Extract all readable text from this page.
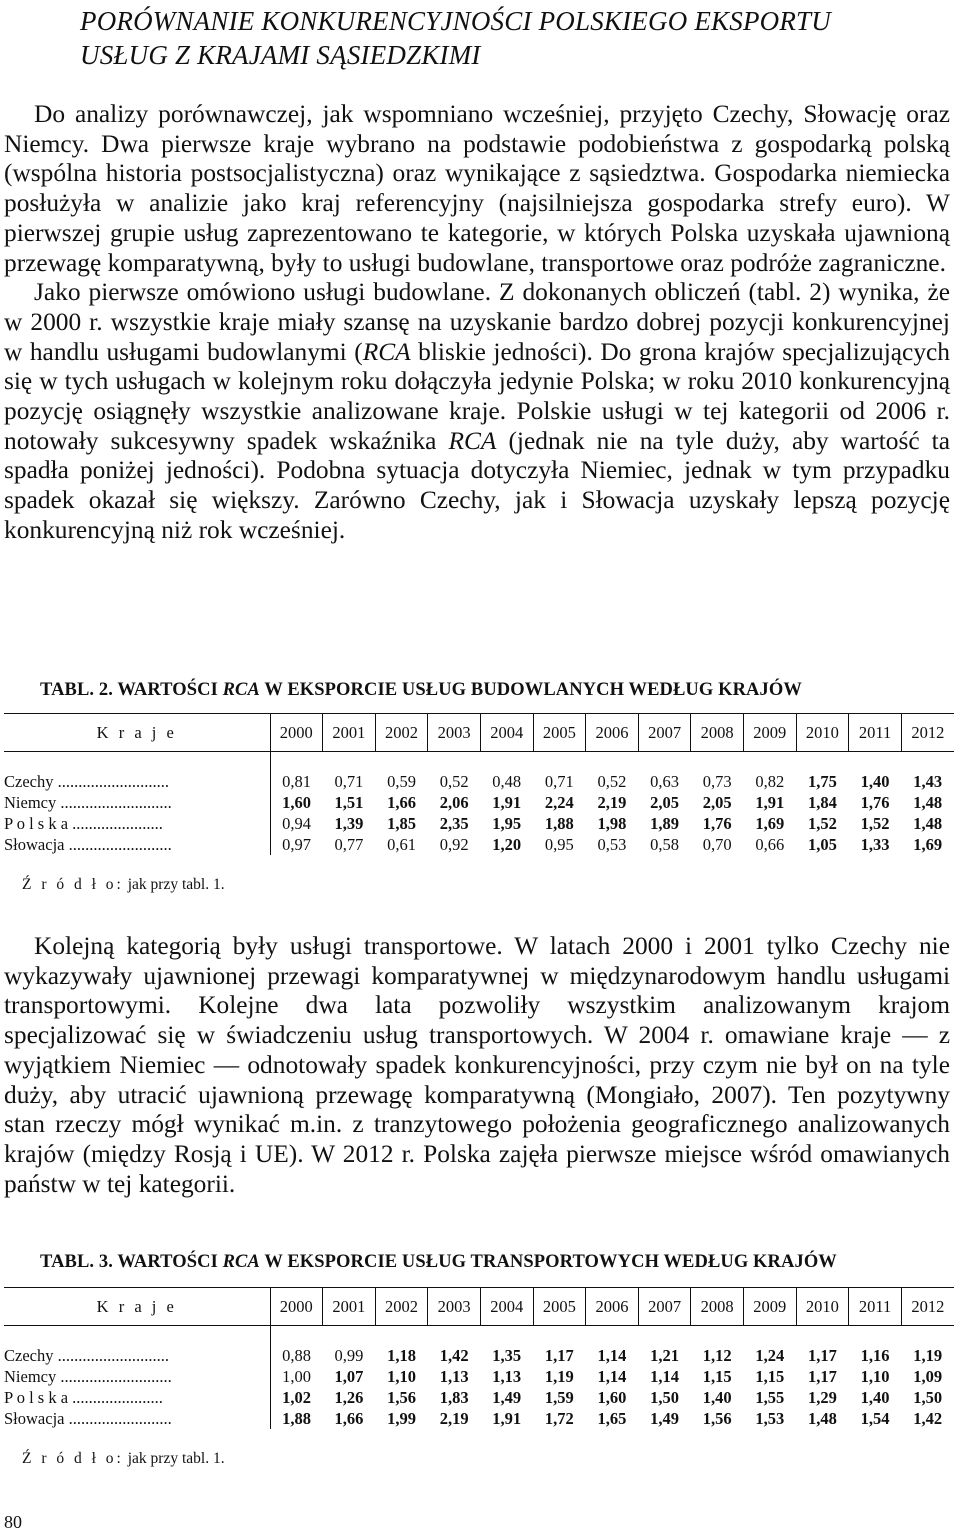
PORÓWNANIE KONKURENCYJNOŚCI POLSKIEGO EKSPORTU
USŁUG Z KRAJAMI SĄSIEDZKIMI

Do analizy porównawczej, jak wspomniano wcześniej, przyjęto Czechy, Słowację oraz Niemcy. Dwa pierwsze kraje wybrano na podstawie podobieństwa z gospodarką polską (wspólna historia postsocjalistyczna) oraz wynikające z sąsiedztwa. Gospodarka niemiecka posłużyła w analizie jako kraj referencyjny (najsilniejsza gospodarka strefy euro). W pierwszej grupie usług zaprezentowano te kategorie, w których Polska uzyskała ujawnioną przewagę komparatywną, były to usługi budowlane, transportowe oraz podróże zagraniczne.

Jako pierwsze omówiono usługi budowlane. Z dokonanych obliczeń (tabl. 2) wynika, że w 2000 r. wszystkie kraje miały szansę na uzyskanie bardzo dobrej pozycji konkurencyjnej w handlu usługami budowlanymi (RCA bliskie jedności). Do grona krajów specjalizujących się w tych usługach w kolejnym roku dołączyła jedynie Polska; w roku 2010 konkurencyjną pozycję osiągnęły wszystkie analizowane kraje. Polskie usługi w tej kategorii od 2006 r. notowały sukcesywny spadek wskaźnika RCA (jednak nie na tyle duży, aby wartość ta spadła poniżej jedności). Podobna sytuacja dotyczyła Niemiec, jednak w tym przypadku spadek okazał się większy. Zarówno Czechy, jak i Słowacja uzyskały lepszą pozycję konkurencyjną niż rok wcześniej.

TABL. 2. WARTOŚCI RCA W EKSPORCIE USŁUG BUDOWLANYCH WEDŁUG KRAJÓW
K r a j e	2000	2001	2002	2003	2004	2005	2006	2007	2008	2009	2010	2011	2012

Czechy ...........................	0,81	0,71	0,59	0,52	0,48	0,71	0,52	0,63	0,73	0,82	1,75	1,40	1,43
Niemcy ...........................	1,60	1,51	1,66	2,06	1,91	2,24	2,19	2,05	2,05	1,91	1,84	1,76	1,48
P o l s k a ......................	0,94	1,39	1,85	2,35	1,95	1,88	1,98	1,89	1,76	1,69	1,52	1,52	1,48
Słowacja .........................	0,97	0,77	0,61	0,92	1,20	0,95	0,53	0,58	0,70	0,66	1,05	1,33	1,69
Ź r ó d ł o: jak przy tabl. 1.

Kolejną kategorią były usługi transportowe. W latach 2000 i 2001 tylko Czechy nie wykazywały ujawnionej przewagi komparatywnej w międzynarodowym handlu usługami transportowymi. Kolejne dwa lata pozwoliły wszystkim analizowanym krajom specjalizować się w świadczeniu usług transportowych. W 2004 r. omawiane kraje — z wyjątkiem Niemiec — odnotowały spadek konkurencyjności, przy czym nie był on na tyle duży, aby utracić ujawnioną przewagę komparatywną (Mongiało, 2007). Ten pozytywny stan rzeczy mógł wynikać m.in. z tranzytowego położenia geograficznego analizowanych krajów (między Rosją i UE). W 2012 r. Polska zajęła pierwsze miejsce wśród omawianych państw w tej kategorii.

TABL. 3. WARTOŚCI RCA W EKSPORCIE USŁUG TRANSPORTOWYCH WEDŁUG KRAJÓW
K r a j e	2000	2001	2002	2003	2004	2005	2006	2007	2008	2009	2010	2011	2012

Czechy ...........................	0,88	0,99	1,18	1,42	1,35	1,17	1,14	1,21	1,12	1,24	1,17	1,16	1,19
Niemcy ...........................	1,00	1,07	1,10	1,13	1,13	1,19	1,14	1,14	1,15	1,15	1,17	1,10	1,09
P o l s k a ......................	1,02	1,26	1,56	1,83	1,49	1,59	1,60	1,50	1,40	1,55	1,29	1,40	1,50
Słowacja .........................	1,88	1,66	1,99	2,19	1,91	1,72	1,65	1,49	1,56	1,53	1,48	1,54	1,42
Ź r ó d ł o: jak przy tabl. 1.
80
